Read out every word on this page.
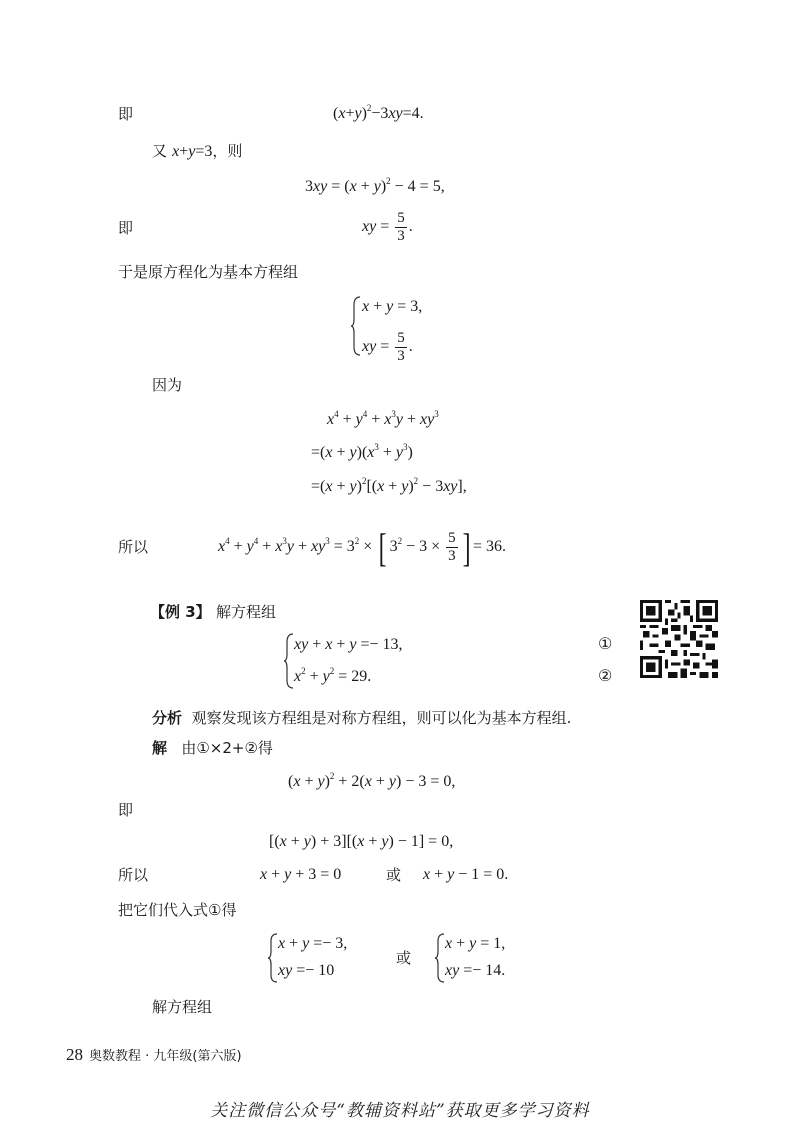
即	$(x+y)^2-3xy=4$.
又 x+y=3，则
$3xy = (x + y)^2 - 4 = 5$,
即	xy = $\frac{5}{3}$ .
于是原方程化为基本方程组
x + y = 3,
xy = $\frac{5}{3}$ .
因为
$x^4 + y^4 + x^3y + xy^3$
$=(x + y)(x^3 + y^3)$
$=(x + y)^2[(x + y)^2 - 3xy]$,
所以	$x^4 + y^4 + x^3y + xy^3 = 3^2$ × [ $3^2 - 3 \times \frac{5}{3}$ ] = 36.
【例 3】 解方程组
xy + x + y =− 13,
$x^2 + y^2 = 29$.
①
②
分析 观察发现该方程组是对称方程组，则可以化为基本方程组.
解 由①×2+②得
$(x + y)^2 + 2(x + y) - 3 = 0$,
即
[(x + y) + 3][(x + y) − 1] = 0,
所以	x + y + 3 = 0	或 x + y − 1 = 0.
把它们代入式①得
x + y =− 3,
xy =− 10
或
x + y = 1,
xy =− 14.
解方程组
28 奥数教程 · 九年级(第六版)
关注微信公众号“教辅资料站”获取更多学习资料
